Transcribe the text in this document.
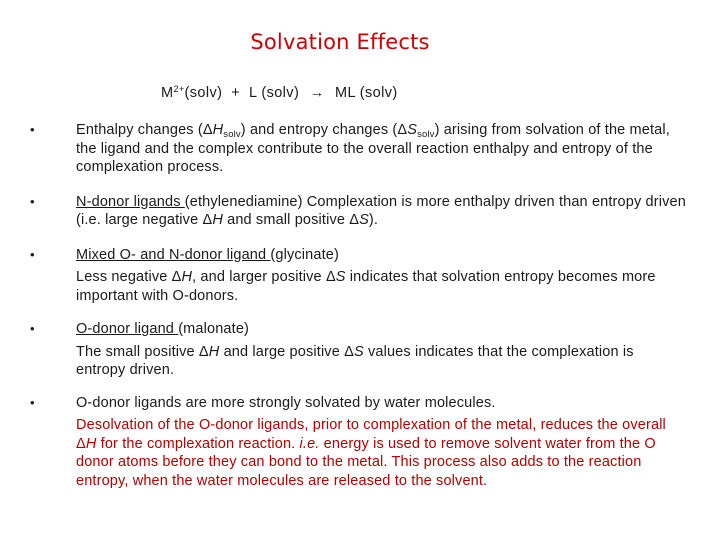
Solvation Effects
$M^{2+}(solv) + L$ (solv) → ML (solv)
•	Enthalpy changes $(\Delta H_{solv})$ and entropy changes $(\Delta S_{solv})$ arising from solvation of the metal, the ligand and the complex contribute to the overall reaction enthalpy and entropy of the complexation process.
•	N-donor ligands (ethylenediamine) Complexation is more enthalpy driven than entropy driven (i.e. large negative ΔH and small positive ΔS).
•	Mixed O- and N-donor ligand (glycinate)
Less negative ΔH, and larger positive ΔS indicates that solvation entropy becomes more important with O-donors.
•	O-donor ligand (malonate)
The small positive ΔH and large positive ΔS values indicates that the complexation is entropy driven.
•	O-donor ligands are more strongly solvated by water molecules.
Desolvation of the O-donor ligands, prior to complexation of the metal, reduces the overall ΔH for the complexation reaction. i.e. energy is used to remove solvent water from the O donor atoms before they can bond to the metal. This process also adds to the reaction entropy, when the water molecules are released to the solvent.
